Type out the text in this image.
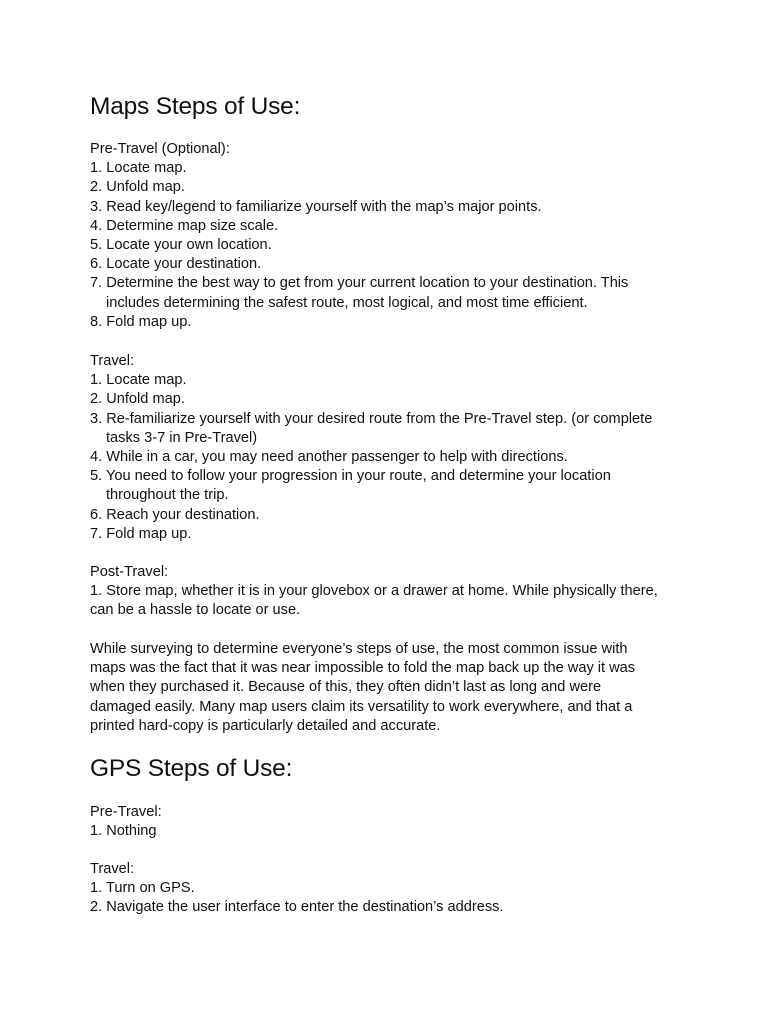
Maps Steps of Use:
Pre-Travel (Optional):
1. Locate map.
2. Unfold map.
3. Read key/legend to familiarize yourself with the map’s major points.
4. Determine map size scale.
5. Locate your own location.
6. Locate your destination.
7. Determine the best way to get from your current location to your destination. This
includes determining the safest route, most logical, and most time efficient.
8. Fold map up.
Travel:
1. Locate map.
2. Unfold map.
3. Re-familiarize yourself with your desired route from the Pre-Travel step. (or complete
tasks 3-7 in Pre-Travel)
4. While in a car, you may need another passenger to help with directions.
5. You need to follow your progression in your route, and determine your location
throughout the trip.
6. Reach your destination.
7. Fold map up.
Post-Travel:
1. Store map, whether it is in your glovebox or a drawer at home. While physically there,
can be a hassle to locate or use.
While surveying to determine everyone’s steps of use, the most common issue with
maps was the fact that it was near impossible to fold the map back up the way it was
when they purchased it. Because of this, they often didn’t last as long and were
damaged easily. Many map users claim its versatility to work everywhere, and that a
printed hard-copy is particularly detailed and accurate.
GPS Steps of Use:
Pre-Travel:
1. Nothing
Travel:
1. Turn on GPS.
2. Navigate the user interface to enter the destination’s address.
